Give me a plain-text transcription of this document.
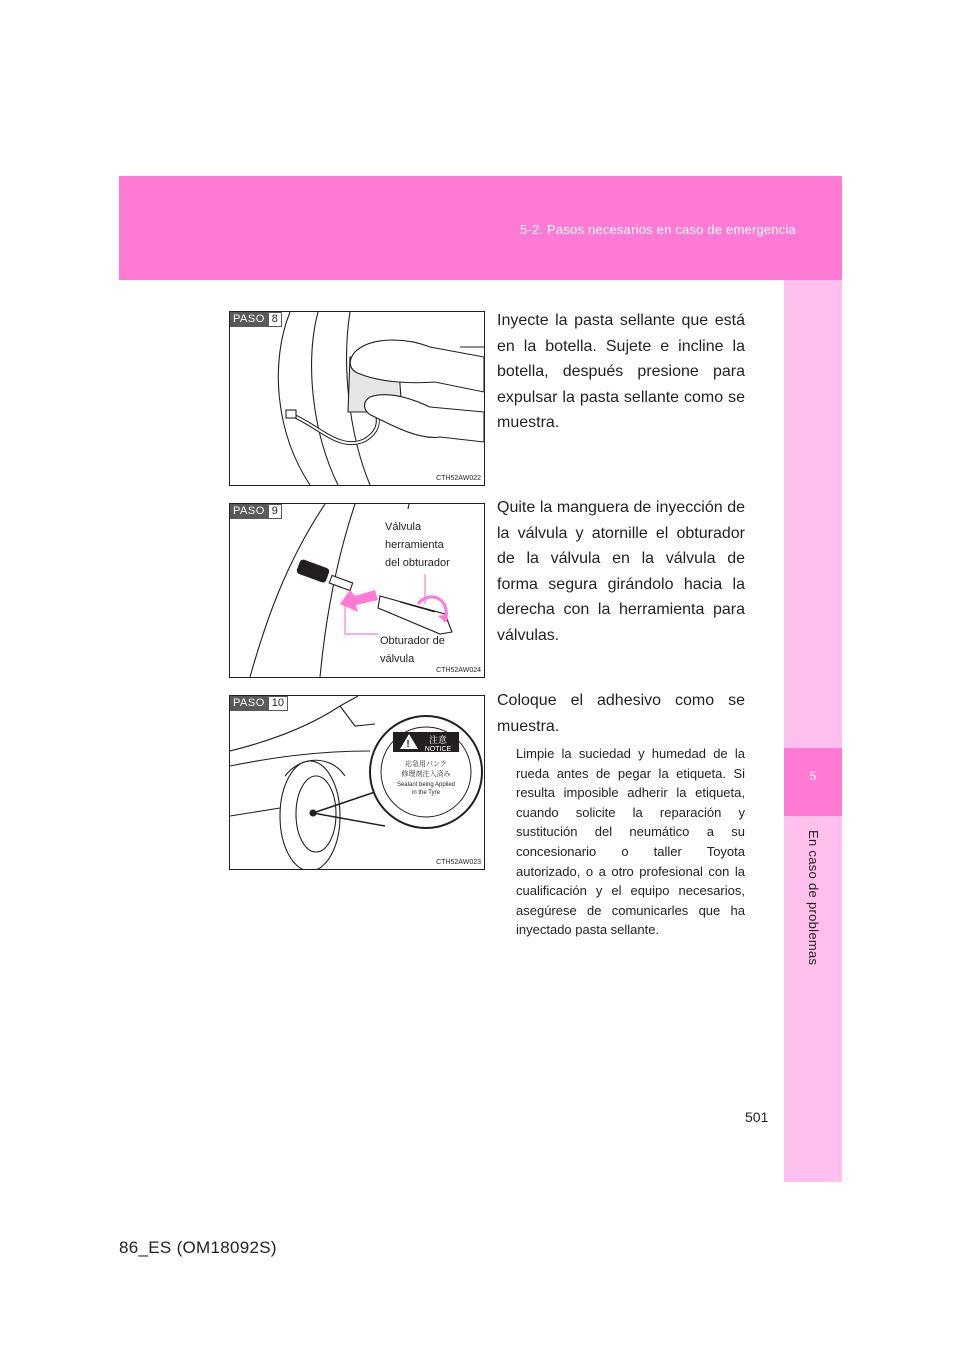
5-2. Pasos necesarios en caso de emergencia
5
En caso de problemas
PASO 8
CTH52AW022
Inyecte la pasta sellante que está en la botella. Sujete e incline la botella, después presione para expulsar la pasta sellante como se muestra.
PASO 9
Válvula
herramienta
del obturador
Obturador de
válvula
CTH52AW024
Quite la manguera de inyección de la válvula y atornille el obturador de la válvula en la válvula de forma segura girándolo hacia la derecha con la herramienta para válvulas.
! 注意
NOTICE
応急用パンク
修理剤注入済み
Sealant being Applied
in the Tyre
PASO 10
CTH52AW023
Coloque el adhesivo como se muestra.
Limpie la suciedad y humedad de la rueda antes de pegar la etiqueta. Si resulta imposible adherir la etiqueta, cuando solicite la reparación y sustitución del neumático a su concesionario o taller Toyota autorizado, o a otro profesional con la cualificación y el equipo necesarios, asegúrese de comunicarles que ha inyectado pasta sellante.
501
86_ES (OM18092S)
